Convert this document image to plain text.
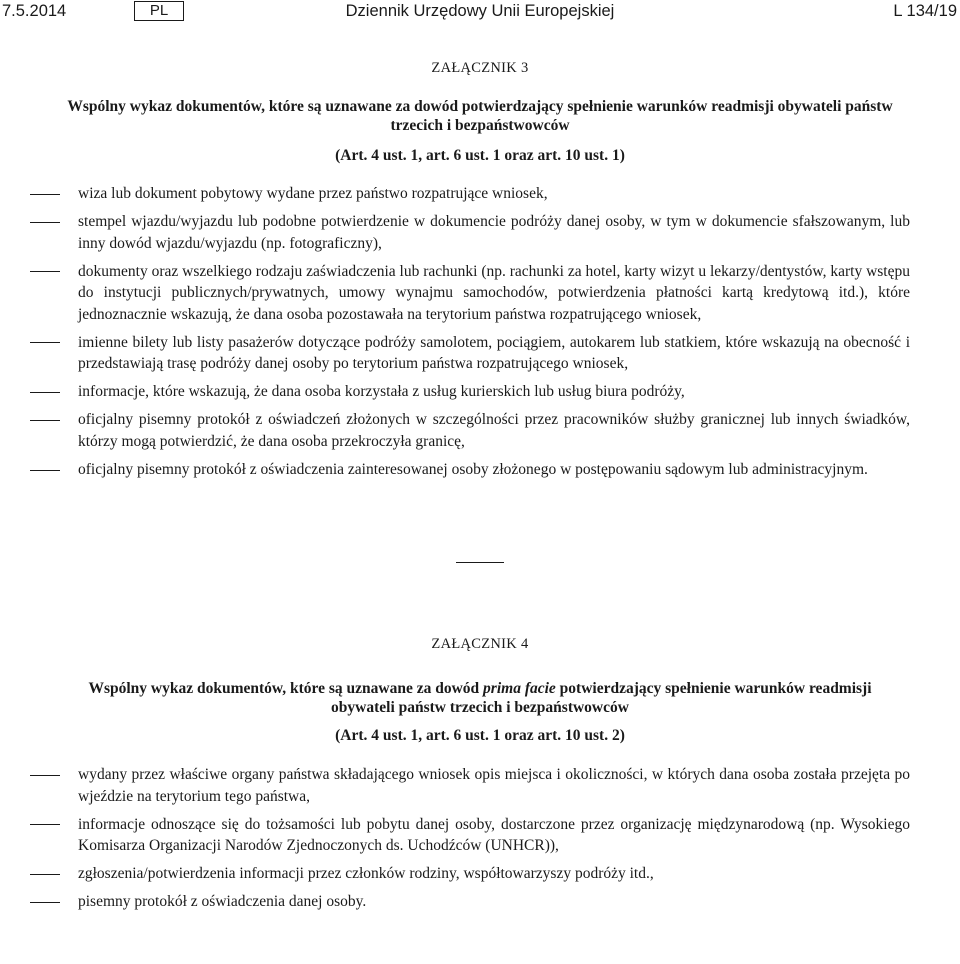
7.5.2014	Dziennik Urzędowy Unii Europejskiej
PL	L 134/19
ZAŁĄCZNIK 3
Wspólny wykaz dokumentów, które są uznawane za dowód potwierdzający spełnienie warunków readmisji obywateli państw trzecich i bezpaństwowców
(Art. 4 ust. 1, art. 6 ust. 1 oraz art. 10 ust. 1)
wiza lub dokument pobytowy wydane przez państwo rozpatrujące wniosek,
stempel wjazdu/wyjazdu lub podobne potwierdzenie w dokumencie podróży danej osoby, w tym w dokumencie sfałszowanym, lub inny dowód wjazdu/wyjazdu (np. fotograficzny),
dokumenty oraz wszelkiego rodzaju zaświadczenia lub rachunki (np. rachunki za hotel, karty wizyt u lekarzy/dentystów, karty wstępu do instytucji publicznych/prywatnych, umowy wynajmu samochodów, potwierdzenia płatności kartą kredytową itd.), które jednoznacznie wskazują, że dana osoba pozostawała na terytorium państwa rozpatrującego wniosek,
imienne bilety lub listy pasażerów dotyczące podróży samolotem, pociągiem, autokarem lub statkiem, które wskazują na obecność i przedstawiają trasę podróży danej osoby po terytorium państwa rozpatrującego wniosek,
informacje, które wskazują, że dana osoba korzystała z usług kurierskich lub usług biura podróży,
oficjalny pisemny protokół z oświadczeń złożonych w szczególności przez pracowników służby granicznej lub innych świadków, którzy mogą potwierdzić, że dana osoba przekroczyła granicę,
oficjalny pisemny protokół z oświadczenia zainteresowanej osoby złożonego w postępowaniu sądowym lub administracyjnym.
ZAŁĄCZNIK 4
Wspólny wykaz dokumentów, które są uznawane za dowód prima facie potwierdzający spełnienie warunków readmisji obywateli państw trzecich i bezpaństwowców
(Art. 4 ust. 1, art. 6 ust. 1 oraz art. 10 ust. 2)
wydany przez właściwe organy państwa składającego wniosek opis miejsca i okoliczności, w których dana osoba została przejęta po wjeździe na terytorium tego państwa,
informacje odnoszące się do tożsamości lub pobytu danej osoby, dostarczone przez organizację międzynarodową (np. Wysokiego Komisarza Organizacji Narodów Zjednoczonych ds. Uchodźców (UNHCR)),
zgłoszenia/potwierdzenia informacji przez członków rodziny, współtowarzyszy podróży itd.,
pisemny protokół z oświadczenia danej osoby.
